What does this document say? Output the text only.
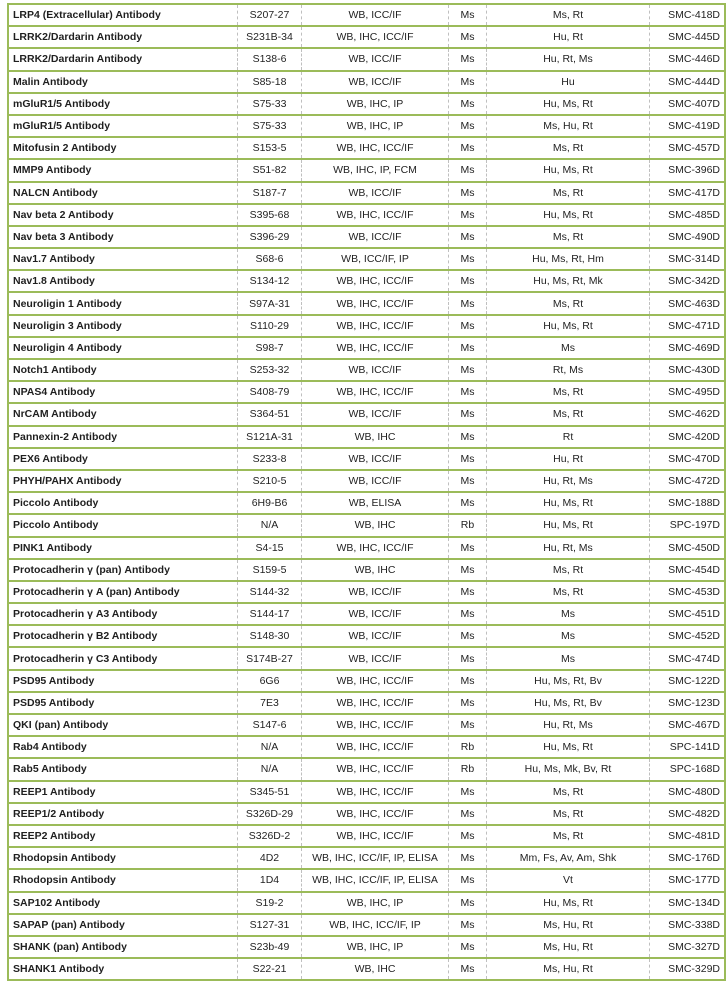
LRP4 (Extracellular) Antibody	S207-27	WB, ICC/IF	Ms	Ms, Rt	SMC-418D
LRRK2/Dardarin Antibody	S231B-34	WB, IHC, ICC/IF	Ms	Hu, Rt	SMC-445D
LRRK2/Dardarin Antibody	S138-6	WB, ICC/IF	Ms	Hu, Rt, Ms	SMC-446D
Malin Antibody	S85-18	WB, ICC/IF	Ms	Hu	SMC-444D
mGluR1/5 Antibody	S75-33	WB, IHC, IP	Ms	Hu, Ms, Rt	SMC-407D
mGluR1/5 Antibody	S75-33	WB, IHC, IP	Ms	Ms, Hu, Rt	SMC-419D
Mitofusin 2 Antibody	S153-5	WB, IHC, ICC/IF	Ms	Ms, Rt	SMC-457D
MMP9 Antibody	S51-82	WB, IHC, IP, FCM	Ms	Hu, Ms, Rt	SMC-396D
NALCN Antibody	S187-7	WB, ICC/IF	Ms	Ms, Rt	SMC-417D
Nav beta 2 Antibody	S395-68	WB, IHC, ICC/IF	Ms	Hu, Ms, Rt	SMC-485D
Nav beta 3 Antibody	S396-29	WB, ICC/IF	Ms	Ms, Rt	SMC-490D
Nav1.7 Antibody	S68-6	WB, ICC/IF, IP	Ms	Hu, Ms, Rt, Hm	SMC-314D
Nav1.8 Antibody	S134-12	WB, IHC, ICC/IF	Ms	Hu, Ms, Rt, Mk	SMC-342D
Neuroligin 1 Antibody	S97A-31	WB, IHC, ICC/IF	Ms	Ms, Rt	SMC-463D
Neuroligin 3 Antibody	S110-29	WB, IHC, ICC/IF	Ms	Hu, Ms, Rt	SMC-471D
Neuroligin 4 Antibody	S98-7	WB, IHC, ICC/IF	Ms	Ms	SMC-469D
Notch1 Antibody	S253-32	WB, ICC/IF	Ms	Rt, Ms	SMC-430D
NPAS4 Antibody	S408-79	WB, IHC, ICC/IF	Ms	Ms, Rt	SMC-495D
NrCAM Antibody	S364-51	WB, ICC/IF	Ms	Ms, Rt	SMC-462D
Pannexin-2 Antibody	S121A-31	WB, IHC	Ms	Rt	SMC-420D
PEX6 Antibody	S233-8	WB, ICC/IF	Ms	Hu, Rt	SMC-470D
PHYH/PAHX Antibody	S210-5	WB, ICC/IF	Ms	Hu, Rt, Ms	SMC-472D
Piccolo Antibody	6H9-B6	WB, ELISA	Ms	Hu, Ms, Rt	SMC-188D
Piccolo Antibody	N/A	WB, IHC	Rb	Hu, Ms, Rt	SPC-197D
PINK1 Antibody	S4-15	WB, IHC, ICC/IF	Ms	Hu, Rt, Ms	SMC-450D
Protocadherin γ (pan) Antibody	S159-5	WB, IHC	Ms	Ms, Rt	SMC-454D
Protocadherin γ A (pan) Antibody	S144-32	WB, ICC/IF	Ms	Ms, Rt	SMC-453D
Protocadherin γ A3 Antibody	S144-17	WB, ICC/IF	Ms	Ms	SMC-451D
Protocadherin γ B2 Antibody	S148-30	WB, ICC/IF	Ms	Ms	SMC-452D
Protocadherin γ C3 Antibody	S174B-27	WB, ICC/IF	Ms	Ms	SMC-474D
PSD95 Antibody	6G6	WB, IHC, ICC/IF	Ms	Hu, Ms, Rt, Bv	SMC-122D
PSD95 Antibody	7E3	WB, IHC, ICC/IF	Ms	Hu, Ms, Rt, Bv	SMC-123D
QKI (pan) Antibody	S147-6	WB, IHC, ICC/IF	Ms	Hu, Rt, Ms	SMC-467D
Rab4 Antibody	N/A	WB, IHC, ICC/IF	Rb	Hu, Ms, Rt	SPC-141D
Rab5 Antibody	N/A	WB, IHC, ICC/IF	Rb	Hu, Ms, Mk, Bv, Rt	SPC-168D
REEP1 Antibody	S345-51	WB, IHC, ICC/IF	Ms	Ms, Rt	SMC-480D
REEP1/2 Antibody	S326D-29	WB, IHC, ICC/IF	Ms	Ms, Rt	SMC-482D
REEP2 Antibody	S326D-2	WB, IHC, ICC/IF	Ms	Ms, Rt	SMC-481D
Rhodopsin Antibody	4D2	WB, IHC, ICC/IF, IP, ELISA	Ms	Mm, Fs, Av, Am, Shk	SMC-176D
Rhodopsin Antibody	1D4	WB, IHC, ICC/IF, IP, ELISA	Ms	Vt	SMC-177D
SAP102 Antibody	S19-2	WB, IHC, IP	Ms	Hu, Ms, Rt	SMC-134D
SAPAP (pan) Antibody	S127-31	WB, IHC, ICC/IF, IP	Ms	Ms, Hu, Rt	SMC-338D
SHANK (pan) Antibody	S23b-49	WB, IHC, IP	Ms	Ms, Hu, Rt	SMC-327D
SHANK1 Antibody	S22-21	WB, IHC	Ms	Ms, Hu, Rt	SMC-329D
